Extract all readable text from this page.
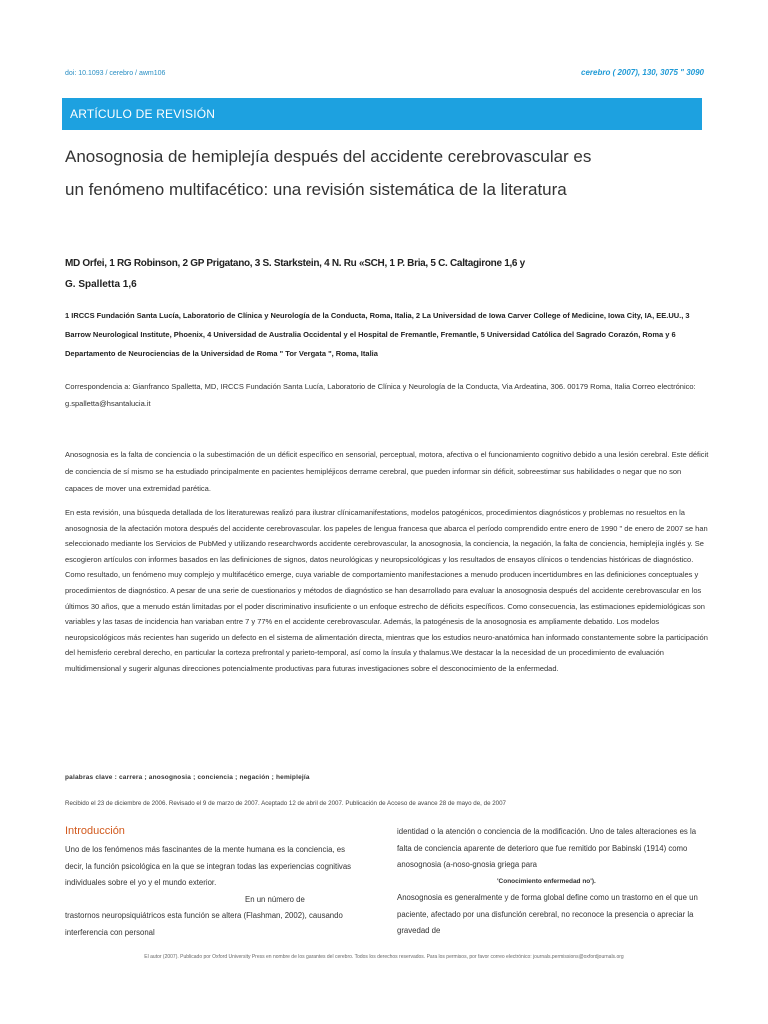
doi: 10.1093 / cerebro / awm106	cerebro ( 2007), 130, 3075 " 3090
ARTÍCULO DE REVISIÓN
Anosognosia de hemiplejía después del accidente cerebrovascular es
un fenómeno multifacético: una revisión sistemática de la literatura
MD Orfei, 1 RG Robinson, 2 GP Prigatano, 3 S. Starkstein, 4 N. Ru «SCH, 1 P. Bria, 5 C. Caltagirone 1,6 y
G. Spalletta 1,6
1 IRCCS Fundación Santa Lucía, Laboratorio de Clínica y Neurología de la Conducta, Roma, Italia, 2 La Universidad de Iowa Carver College of Medicine, Iowa City, IA, EE.UU., 3 Barrow Neurological Institute, Phoenix, 4 Universidad de Australia Occidental y el Hospital de Fremantle, Fremantle, 5 Universidad Católica del Sagrado Corazón, Roma y 6 Departamento de Neurociencias de la Universidad de Roma " Tor Vergata ", Roma, Italia
Correspondencia a: Gianfranco Spalletta, MD, IRCCS Fundación Santa Lucía, Laboratorio de Clínica y Neurología de la Conducta, Via Ardeatina, 306. 00179 Roma, Italia Correo electrónico: g.spalletta@hsantalucia.it
Anosognosia es la falta de conciencia o la subestimación de un déficit específico en sensorial, perceptual, motora, afectiva o el funcionamiento cognitivo debido a una lesión cerebral. Este déficit de conciencia de sí mismo se ha estudiado principalmente en pacientes hemipléjicos derrame cerebral, que pueden informar sin déficit, sobreestimar sus habilidades o negar que no son capaces de mover una extremidad parética.
En esta revisión, una búsqueda detallada de los literaturewas realizó para ilustrar clínicamanifestations, modelos patogénicos, procedimientos diagnósticos y problemas no resueltos en la anosognosia de la afectación motora después del accidente cerebrovascular. los papeles de lengua francesa que abarca el período comprendido entre enero de 1990 " de enero de 2007 se han seleccionado mediante los Servicios de PubMed y utilizando researchwords accidente cerebrovascular, la anosognosia, la conciencia, la negación, la falta de conciencia, hemiplejía inglés y. Se escogieron artículos con informes basados en las definiciones de signos, datos neurológicas y neuropsicológicas y los resultados de ensayos clínicos o tendencias históricas de diagnóstico. Como resultado, un fenómeno muy complejo y multifacético emerge, cuya variable de comportamiento manifestaciones a menudo producen incertidumbres en las definiciones conceptuales y procedimientos de diagnóstico. A pesar de una serie de cuestionarios y métodos de diagnóstico se han desarrollado para evaluar la anosognosia después del accidente cerebrovascular en los últimos 30 años, que a menudo están limitadas por el poder discriminativo insuficiente o un enfoque estrecho de déficits específicos. Como consecuencia, las estimaciones epidemiológicas son variables y las tasas de incidencia han variaban entre 7 y 77% en el accidente cerebrovascular. Además, la patogénesis de la anosognosia es ampliamente debatido. Los modelos neuropsicológicos más recientes han sugerido un defecto en el sistema de alimentación directa, mientras que los estudios neuro-anatómica han informado constantemente sobre la participación del hemisferio cerebral derecho, en particular la corteza prefrontal y parieto-temporal, así como la ínsula y thalamus.We destacar la la necesidad de un procedimiento de evaluación multidimensional y sugerir algunas direcciones potencialmente productivas para futuras investigaciones sobre el desconocimiento de la enfermedad.
palabras clave : carrera ; anosognosia ; conciencia ; negación ; hemiplejía
Recibido el 23 de diciembre de 2006. Revisado el 9 de marzo de 2007. Aceptado 12 de abril de 2007. Publicación de Acceso de avance 28 de mayo de, de 2007
Introducción

Uno de los fenómenos más fascinantes de la mente humana es la conciencia, es decir, la función psicológica en la que se integran todas las experiencias cognitivas individuales sobre el yo y el mundo exterior.

En un número de

trastornos neuropsiquiátricos esta función se altera (Flashman, 2002), causando interferencia con personal

identidad o la atención o conciencia de la modificación. Uno de tales alteraciones es la falta de conciencia aparente de deterioro que fue remitido por Babinski (1914) como anosognosia (a-noso-gnosia griega para

'Conocimiento enfermedad no').

Anosognosia es generalmente y de forma global define como un trastorno en el que un paciente, afectado por una disfunción cerebral, no reconoce la presencia o apreciar la gravedad de

El autor (2007). Publicado por Oxford University Press en nombre de los garantes del cerebro. Todos los derechos reservados. Para los permisos, por favor correo electrónico: journals.permissions@oxfordjournals.org
